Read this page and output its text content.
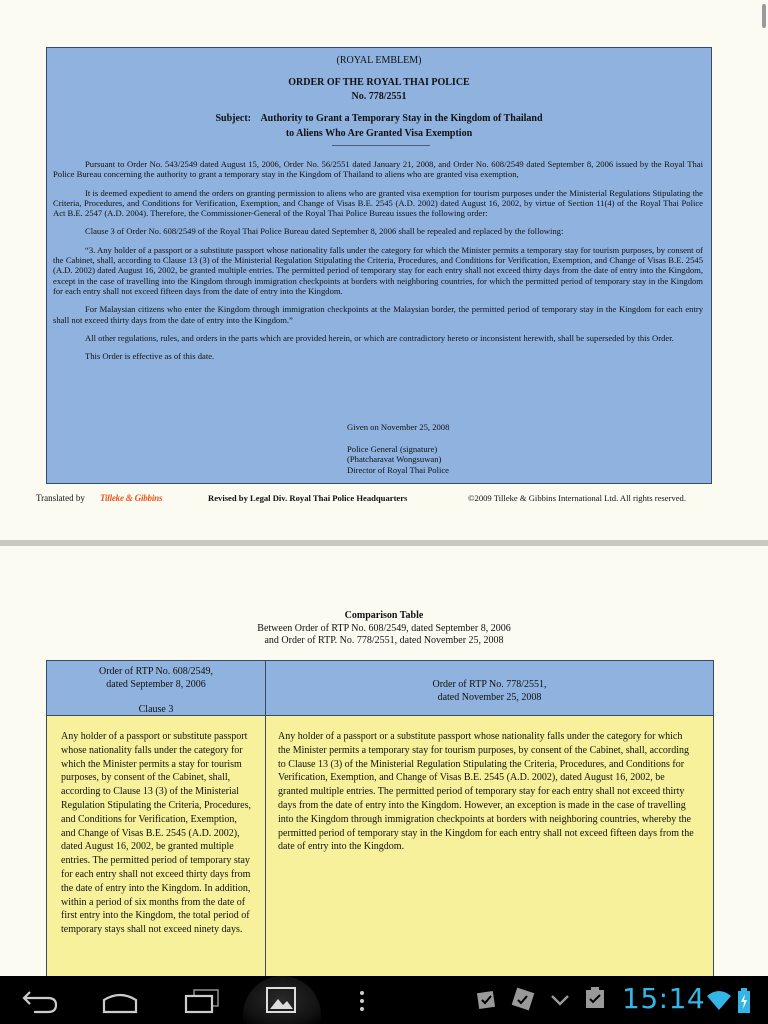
(ROYAL EMBLEM)
ORDER OF THE ROYAL THAI POLICE
No. 778/2551
Subject:    Authority to Grant a Temporary Stay in the Kingdom of Thailand
to Aliens Who Are Granted Visa Exemption

Pursuant to Order No. 543/2549 dated August 15, 2006, Order No. 56/2551 dated January 21, 2008, and Order No. 608/2549 dated September 8, 2006 issued by the Royal Thai Police Bureau concerning the authority to grant a temporary stay in the Kingdom of Thailand to aliens who are granted visa exemption,

It is deemed expedient to amend the orders on granting permission to aliens who are granted visa exemption for tourism purposes under the Ministerial Regulations Stipulating the Criteria, Procedures, and Conditions for Verification, Exemption, and Change of Visas B.E. 2545 (A.D. 2002) dated August 16, 2002, by virtue of Section 11(4) of the Royal Thai Police Act B.E. 2547 (A.D. 2004). Therefore, the Commissioner-General of the Royal Thai Police Bureau issues the following order:

Clause 3 of Order No. 608/2549 of the Royal Thai Police Bureau dated September 8, 2006 shall be repealed and replaced by the following:

“3. Any holder of a passport or a substitute passport whose nationality falls under the category for which the Minister permits a temporary stay for tourism purposes, by consent of the Cabinet, shall, according to Clause 13 (3) of the Ministerial Regulation Stipulating the Criteria, Procedures, and Conditions for Verification, Exemption, and Change of Visas B.E. 2545 (A.D. 2002) dated August 16, 2002, be granted multiple entries. The permitted period of temporary stay for each entry shall not exceed thirty days from the date of entry into the Kingdom, except in the case of travelling into the Kingdom through immigration checkpoints at borders with neighboring countries, for which the permitted period of temporary stay in the Kingdom for each entry shall not exceed fifteen days from the date of entry into the Kingdom.

For Malaysian citizens who enter the Kingdom through immigration checkpoints at the Malaysian border, the permitted period of temporary stay in the Kingdom for each entry shall not exceed thirty days from the date of entry into the Kingdom.”

All other regulations, rules, and orders in the parts which are provided herein, or which are contradictory hereto or inconsistent herewith, shall be superseded by this Order.

This Order is effective as of this date.

Given on November 25, 2008
Police General (signature)
(Phatcharavat Wongsuwan)
Director of Royal Thai Police
Translated by Tilleke & Gibbins	Revised by Legal Div. Royal Thai Police Headquarters	©2009 Tilleke & Gibbins International Ltd. All rights reserved.
Comparison Table
Between Order of RTP No. 608/2549, dated September 8, 2006
and Order of RTP. No. 778/2551, dated November 25, 2008
Order of RTP No. 608/2549,
dated September 8, 2006
Clause 3
Order of RTP No. 778/2551,
dated November 25, 2008
Any holder of a passport or substitute passport whose nationality falls under the category for which the Minister permits a stay for tourism purposes, by consent of the Cabinet, shall, according to Clause 13 (3) of the Ministerial Regulation Stipulating the Criteria, Procedures, and Conditions for Verification, Exemption, and Change of Visas B.E. 2545 (A.D. 2002), dated August 16, 2002, be granted multiple entries. The permitted period of temporary stay for each entry shall not exceed thirty days from the date of entry into the Kingdom. In addition, within a period of six months from the date of first entry into the Kingdom, the total period of temporary stays shall not exceed ninety days.
Any holder of a passport or a substitute passport whose nationality falls under the category for which the Minister permits a temporary stay for tourism purposes, by consent of the Cabinet, shall, according to Clause 13 (3) of the Ministerial Regulation Stipulating the Criteria, Procedures, and Conditions for Verification, Exemption, and Change of Visas B.E. 2545 (A.D. 2002), dated August 16, 2002, be granted multiple entries. The permitted period of temporary stay for each entry shall not exceed thirty days from the date of entry into the Kingdom. However, an exception is made in the case of travelling into the Kingdom through immigration checkpoints at borders with neighboring countries, whereby the permitted period of temporary stay in the Kingdom for each entry shall not exceed fifteen days from the date of entry into the Kingdom.
15:14
